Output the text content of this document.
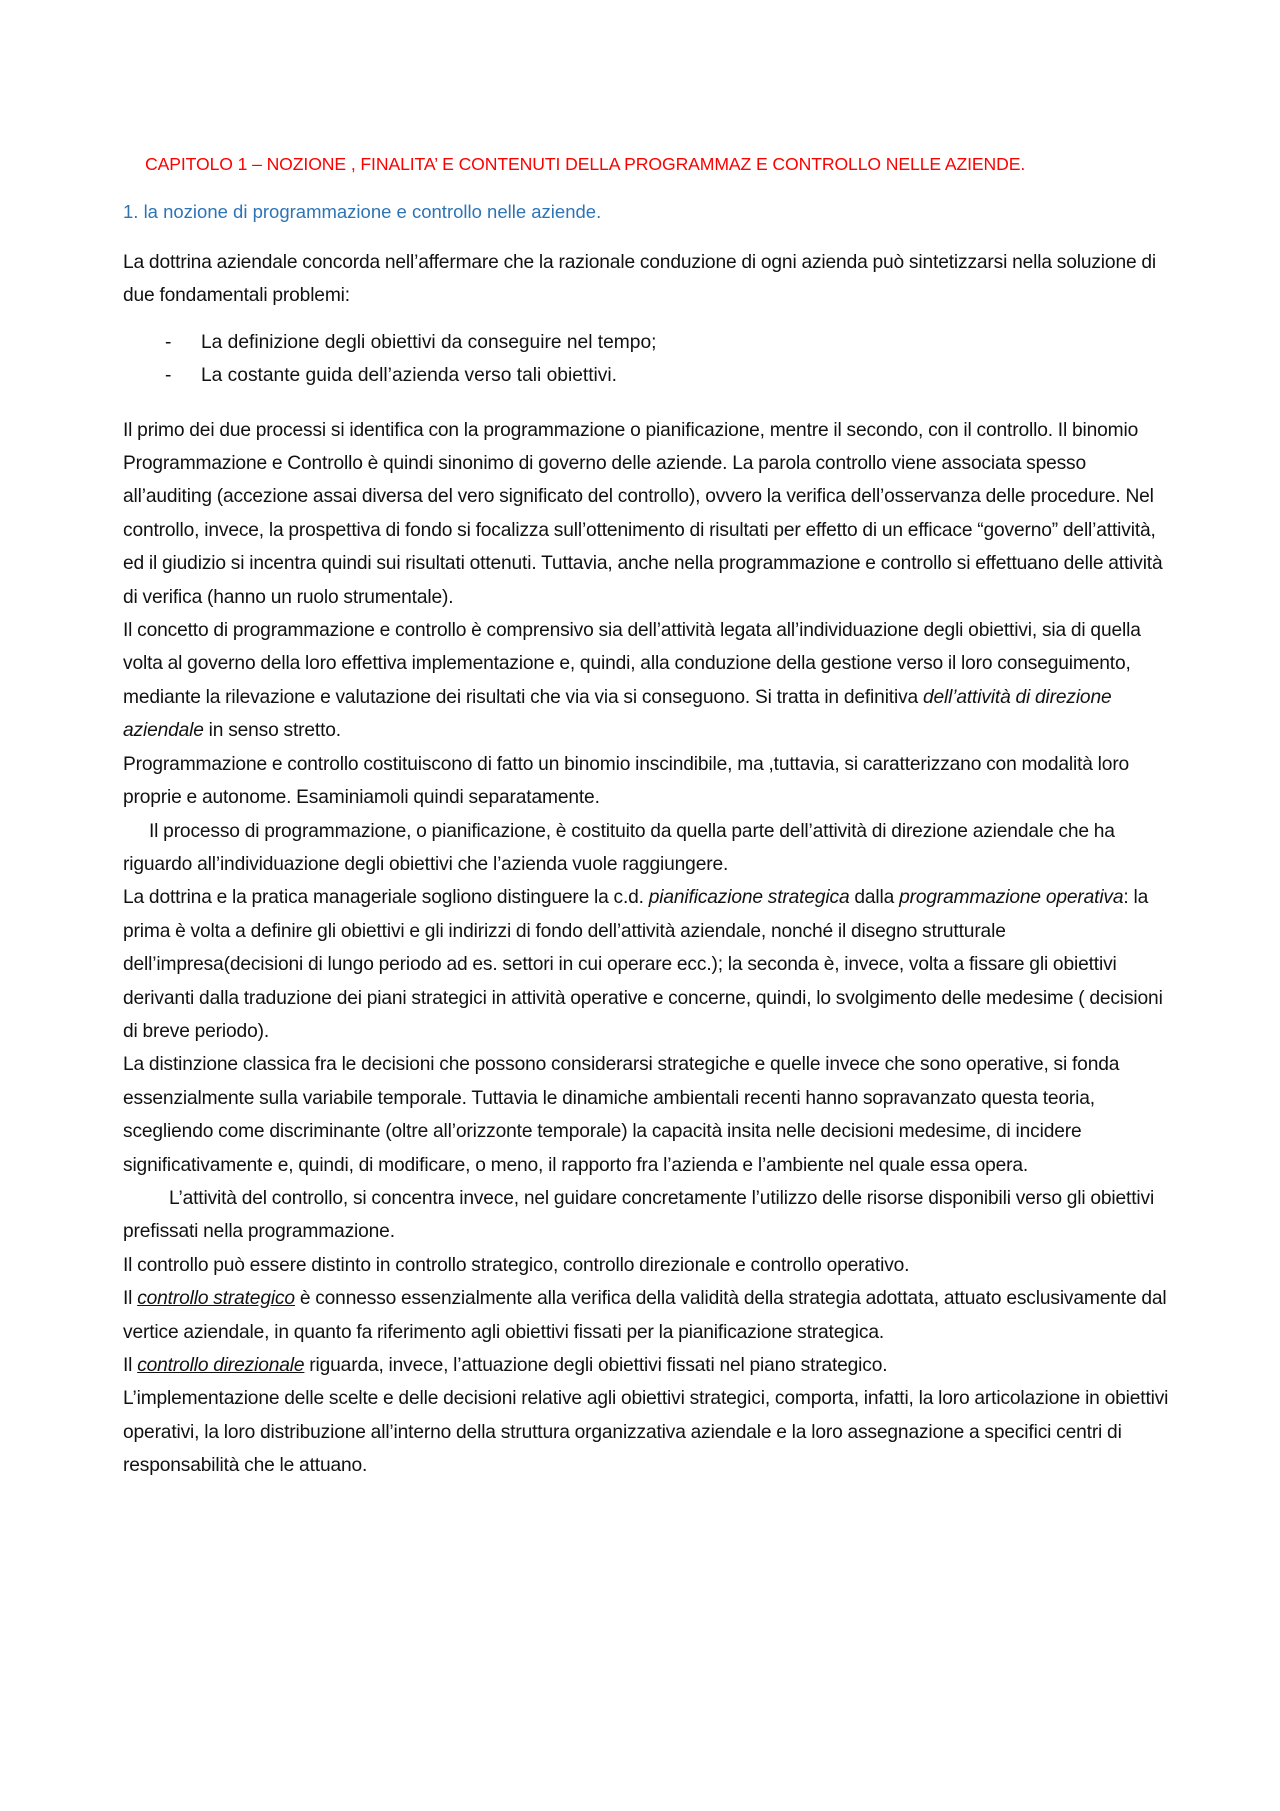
CAPITOLO 1 – NOZIONE , FINALITA’ E CONTENUTI DELLA PROGRAMMAZ E CONTROLLO NELLE AZIENDE.
1. la nozione di programmazione e controllo nelle aziende.

La dottrina aziendale concorda nell’affermare che la razionale conduzione di ogni azienda può sintetizzarsi nella soluzione di due fondamentali problemi:

- La definizione degli obiettivi da conseguire nel tempo;
- La costante guida dell’azienda verso tali obiettivi.

Il primo dei due processi si identifica con la programmazione o pianificazione, mentre il secondo, con il controllo. Il binomio Programmazione e Controllo è quindi sinonimo di governo delle aziende. La parola controllo viene associata spesso all’auditing (accezione assai diversa del vero significato del controllo), ovvero la verifica dell’osservanza delle procedure. Nel controllo, invece, la prospettiva di fondo si focalizza sull’ottenimento di risultati per effetto di un efficace “governo” dell’attività, ed il giudizio si incentra quindi sui risultati ottenuti. Tuttavia, anche nella programmazione e controllo si effettuano delle attività di verifica (hanno un ruolo strumentale).

Il concetto di programmazione e controllo è comprensivo sia dell’attività legata all’individuazione degli obiettivi, sia di quella volta al governo della loro effettiva implementazione e, quindi, alla conduzione della gestione verso il loro conseguimento, mediante la rilevazione e valutazione dei risultati che via via si conseguono. Si tratta in definitiva dell’attività di direzione aziendale in senso stretto.

Programmazione e controllo costituiscono di fatto un binomio inscindibile, ma ,tuttavia, si caratterizzano con modalità loro proprie e autonome. Esaminiamoli quindi separatamente.

Il processo di programmazione, o pianificazione, è costituito da quella parte dell’attività di direzione aziendale che ha riguardo all’individuazione degli obiettivi che l’azienda vuole raggiungere.

La dottrina e la pratica manageriale sogliono distinguere la c.d. pianificazione strategica dalla programmazione operativa: la prima è volta a definire gli obiettivi e gli indirizzi di fondo dell’attività aziendale, nonché il disegno strutturale dell’impresa(decisioni di lungo periodo ad es. settori in cui operare ecc.); la seconda è, invece, volta a fissare gli obiettivi derivanti dalla traduzione dei piani strategici in attività operative e concerne, quindi, lo svolgimento delle medesime ( decisioni di breve periodo).

La distinzione classica fra le decisioni che possono considerarsi strategiche e quelle invece che sono operative, si fonda essenzialmente sulla variabile temporale. Tuttavia le dinamiche ambientali recenti hanno sopravanzato questa teoria, scegliendo come discriminante (oltre all’orizzonte temporale) la capacità insita nelle decisioni medesime, di incidere significativamente e, quindi, di modificare, o meno, il rapporto fra l’azienda e l’ambiente nel quale essa opera.

L’attività del controllo, si concentra invece, nel guidare concretamente l’utilizzo delle risorse disponibili verso gli obiettivi prefissati nella programmazione.

Il controllo può essere distinto in controllo strategico, controllo direzionale e controllo operativo.

Il controllo strategico è connesso essenzialmente alla verifica della validità della strategia adottata, attuato esclusivamente dal vertice aziendale, in quanto fa riferimento agli obiettivi fissati per la pianificazione strategica.

Il controllo direzionale riguarda, invece, l’attuazione degli obiettivi fissati nel piano strategico.

L’implementazione delle scelte e delle decisioni relative agli obiettivi strategici, comporta, infatti, la loro articolazione in obiettivi operativi, la loro distribuzione all’interno della struttura organizzativa aziendale e la loro assegnazione a specifici centri di responsabilità che le attuano.
